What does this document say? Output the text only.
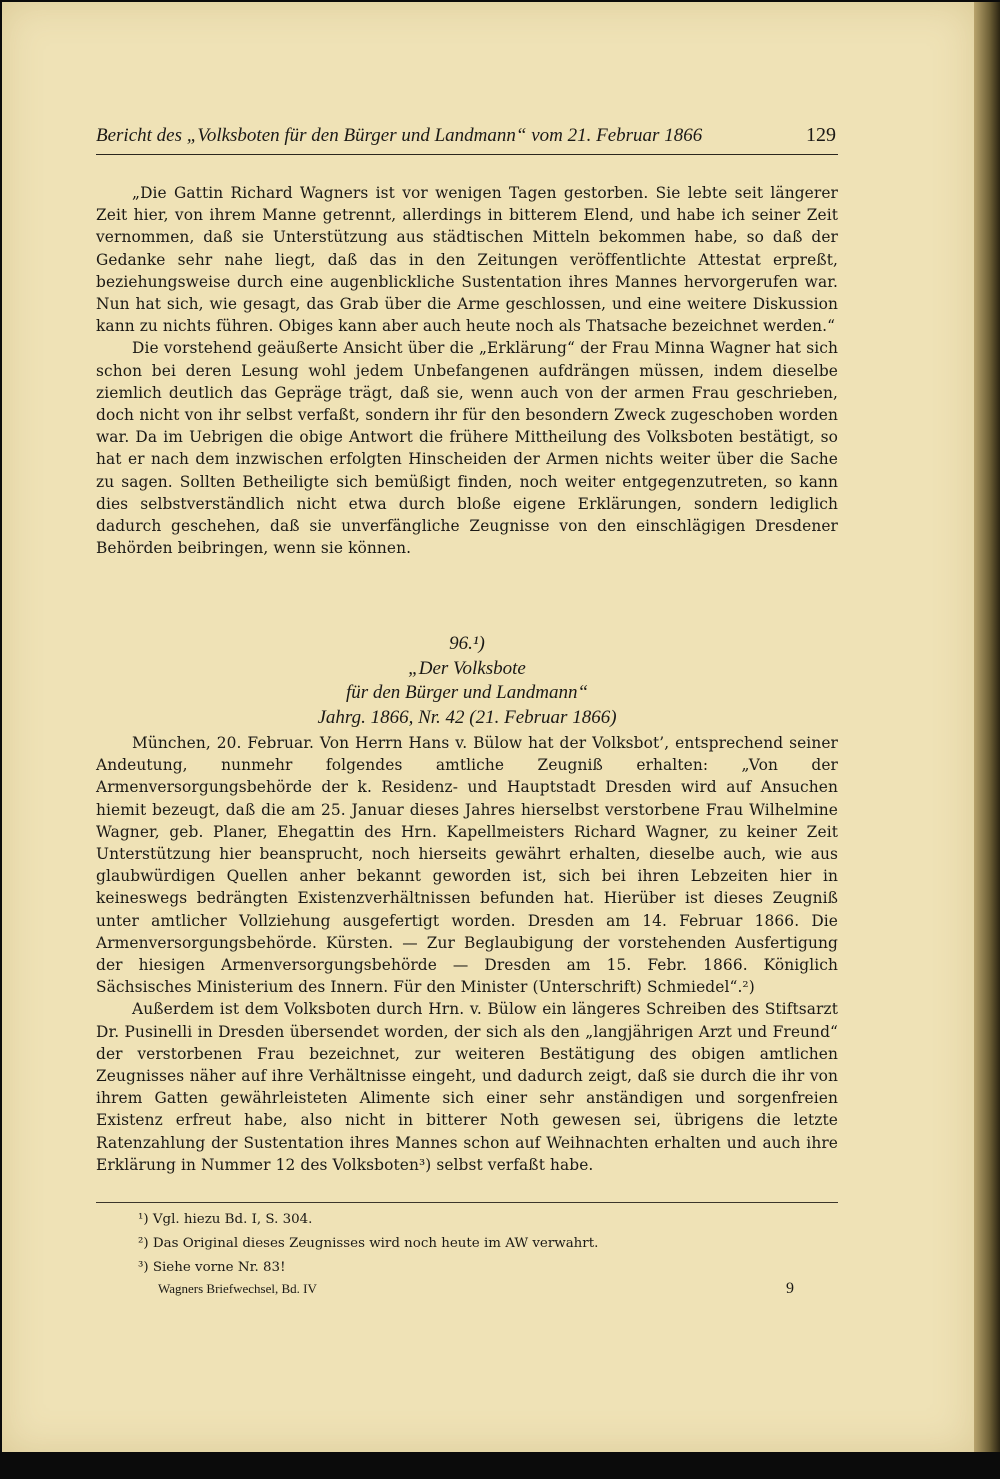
Bericht des „Volksboten für den Bürger und Landmann“ vom 21. Februar 1866	129

„Die Gattin Richard Wagners ist vor wenigen Tagen gestorben. Sie lebte seit längerer Zeit hier, von ihrem Manne getrennt, allerdings in bitterem Elend, und habe ich seiner Zeit vernommen, daß sie Unterstützung aus städtischen Mitteln bekommen habe, so daß der Gedanke sehr nahe liegt, daß das in den Zeitungen veröffentlichte Attestat erpreßt, beziehungsweise durch eine augenblickliche Sustentation ihres Mannes hervorgerufen war. Nun hat sich, wie gesagt, das Grab über die Arme geschlossen, und eine weitere Diskussion kann zu nichts führen. Obiges kann aber auch heute noch als Thatsache bezeichnet werden.“

Die vorstehend geäußerte Ansicht über die „Erklärung“ der Frau Minna Wagner hat sich schon bei deren Lesung wohl jedem Unbefangenen aufdrängen müssen, indem dieselbe ziemlich deutlich das Gepräge trägt, daß sie, wenn auch von der armen Frau geschrieben, doch nicht von ihr selbst verfaßt, sondern ihr für den besondern Zweck zugeschoben worden war. Da im Uebrigen die obige Antwort die frühere Mittheilung des Volksboten bestätigt, so hat er nach dem inzwischen erfolgten Hinscheiden der Armen nichts weiter über die Sache zu sagen. Sollten Betheiligte sich bemüßigt finden, noch weiter entgegenzutreten, so kann dies selbstverständlich nicht etwa durch bloße eigene Erklärungen, sondern lediglich dadurch geschehen, daß sie unverfängliche Zeugnisse von den einschlägigen Dresdener Behörden beibringen, wenn sie können.

96.¹)
„Der Volksbote
für den Bürger und Landmann“
Jahrg. 1866, Nr. 42 (21. Februar 1866)

München, 20. Februar. Von Herrn Hans v. Bülow hat der Volksbot’, entsprechend seiner Andeutung, nunmehr folgendes amtliche Zeugniß erhalten: „Von der Armenversorgungsbehörde der k. Residenz- und Hauptstadt Dresden wird auf Ansuchen hiemit bezeugt, daß die am 25. Januar dieses Jahres hierselbst verstorbene Frau Wilhelmine Wagner, geb. Planer, Ehegattin des Hrn. Kapellmeisters Richard Wagner, zu keiner Zeit Unterstützung hier beansprucht, noch hierseits gewährt erhalten, dieselbe auch, wie aus glaubwürdigen Quellen anher bekannt geworden ist, sich bei ihren Lebzeiten hier in keineswegs bedrängten Existenzverhältnissen befunden hat. Hierüber ist dieses Zeugniß unter amtlicher Vollziehung ausgefertigt worden. Dresden am 14. Februar 1866. Die Armenversorgungsbehörde. Kürsten. — Zur Beglaubigung der vorstehenden Ausfertigung der hiesigen Armenversorgungsbehörde — Dresden am 15. Febr. 1866. Königlich Sächsisches Ministerium des Innern. Für den Minister (Unterschrift) Schmiedel“.²)

Außerdem ist dem Volksboten durch Hrn. v. Bülow ein längeres Schreiben des Stiftsarzt Dr. Pusinelli in Dresden übersendet worden, der sich als den „langjährigen Arzt und Freund“ der verstorbenen Frau bezeichnet, zur weiteren Bestätigung des obigen amtlichen Zeugnisses näher auf ihre Verhältnisse eingeht, und dadurch zeigt, daß sie durch die ihr von ihrem Gatten gewährleisteten Alimente sich einer sehr anständigen und sorgenfreien Existenz erfreut habe, also nicht in bitterer Noth gewesen sei, übrigens die letzte Ratenzahlung der Sustentation ihres Mannes schon auf Weihnachten erhalten und auch ihre Erklärung in Nummer 12 des Volksboten³) selbst verfaßt habe.

¹) Vgl. hiezu Bd. I, S. 304.
²) Das Original dieses Zeugnisses wird noch heute im AW verwahrt.
³) Siehe vorne Nr. 83!
Wagners Briefwechsel, Bd. IV	9
